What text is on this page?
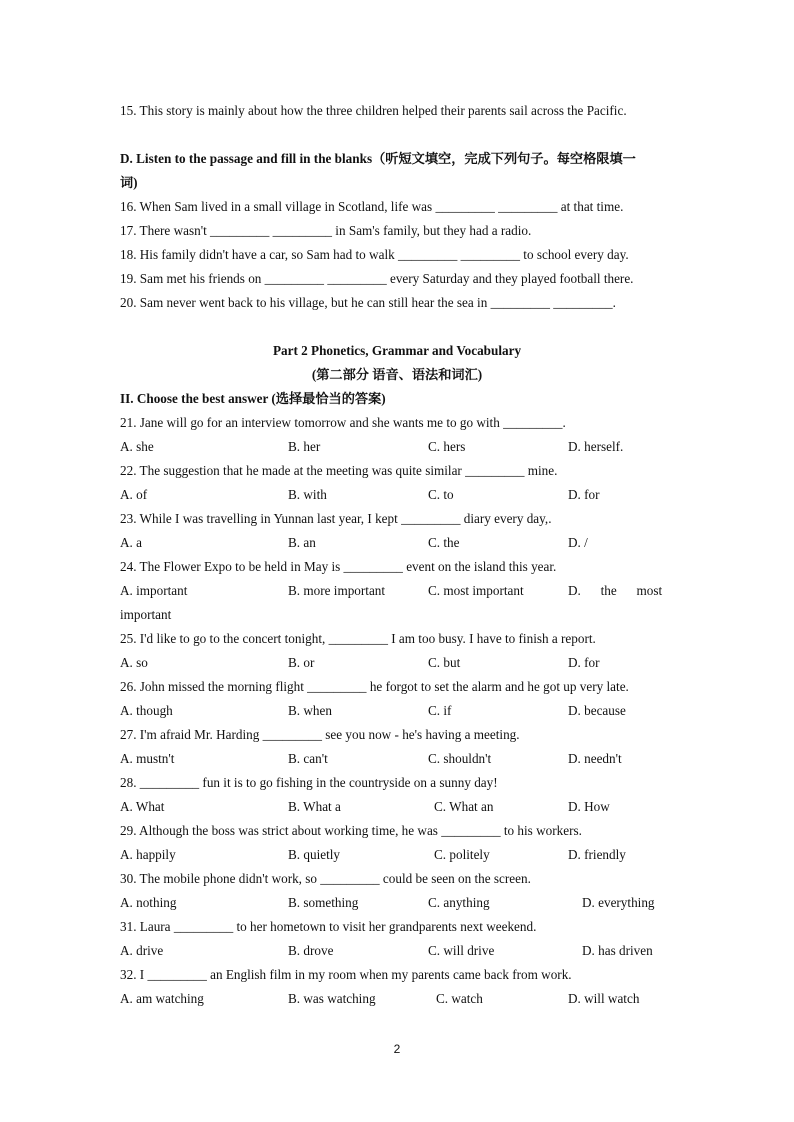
15. This story is mainly about how the three children helped their parents sail across the Pacific.
D. Listen to the passage and fill in the blanks（听短文填空，完成下列句子。每空格限填一
词)
16. When Sam lived in a small village in Scotland, life was _________ _________ at that time.
17. There wasn't _________ _________ in Sam's family, but they had a radio.
18. His family didn't have a car, so Sam had to walk _________ _________ to school every day.
19. Sam met his friends on _________ _________ every Saturday and they played football there.
20. Sam never went back to his village, but he can still hear the sea in _________ _________.
Part 2 Phonetics, Grammar and Vocabulary
(第二部分 语音、语法和词汇)
II. Choose the best answer (选择最恰当的答案)
21. Jane will go for an interview tomorrow and she wants me to go with _________.
A. she	B. her	C. hers	D. herself.
22. The suggestion that he made at the meeting was quite similar _________ mine.
A. of	B. with	C. to	D. for
23. While I was travelling in Yunnan last year, I kept _________ diary every day,.
A. a	B. an	C. the	D. /
24. The Flower Expo to be held in May is _________ event on the island this year.
A. important	B. more important	C. most important	D.      the      most
important
25. I'd like to go to the concert tonight, _________ I am too busy. I have to finish a report.
A. so	B. or	C. but	D. for
26. John missed the morning flight _________ he forgot to set the alarm and he got up very late.
A. though	B. when	C. if	D. because
27. I'm afraid Mr. Harding _________ see you now - he's having a meeting.
A. mustn't	B. can't	C. shouldn't	D. needn't
28. _________ fun it is to go fishing in the countryside on a sunny day!
A. What	B. What a	C. What an	D. How
29. Although the boss was strict about working time, he was _________ to his workers.
A. happily	B. quietly	C. politely	D. friendly
30. The mobile phone didn't work, so _________ could be seen on the screen.
A. nothing	B. something	C. anything	D. everything
31. Laura _________ to her hometown to visit her grandparents next weekend.
A. drive	B. drove	C. will drive	D. has driven
32. I _________ an English film in my room when my parents came back from work.
A. am watching	B. was watching	C. watch	D. will watch
2
